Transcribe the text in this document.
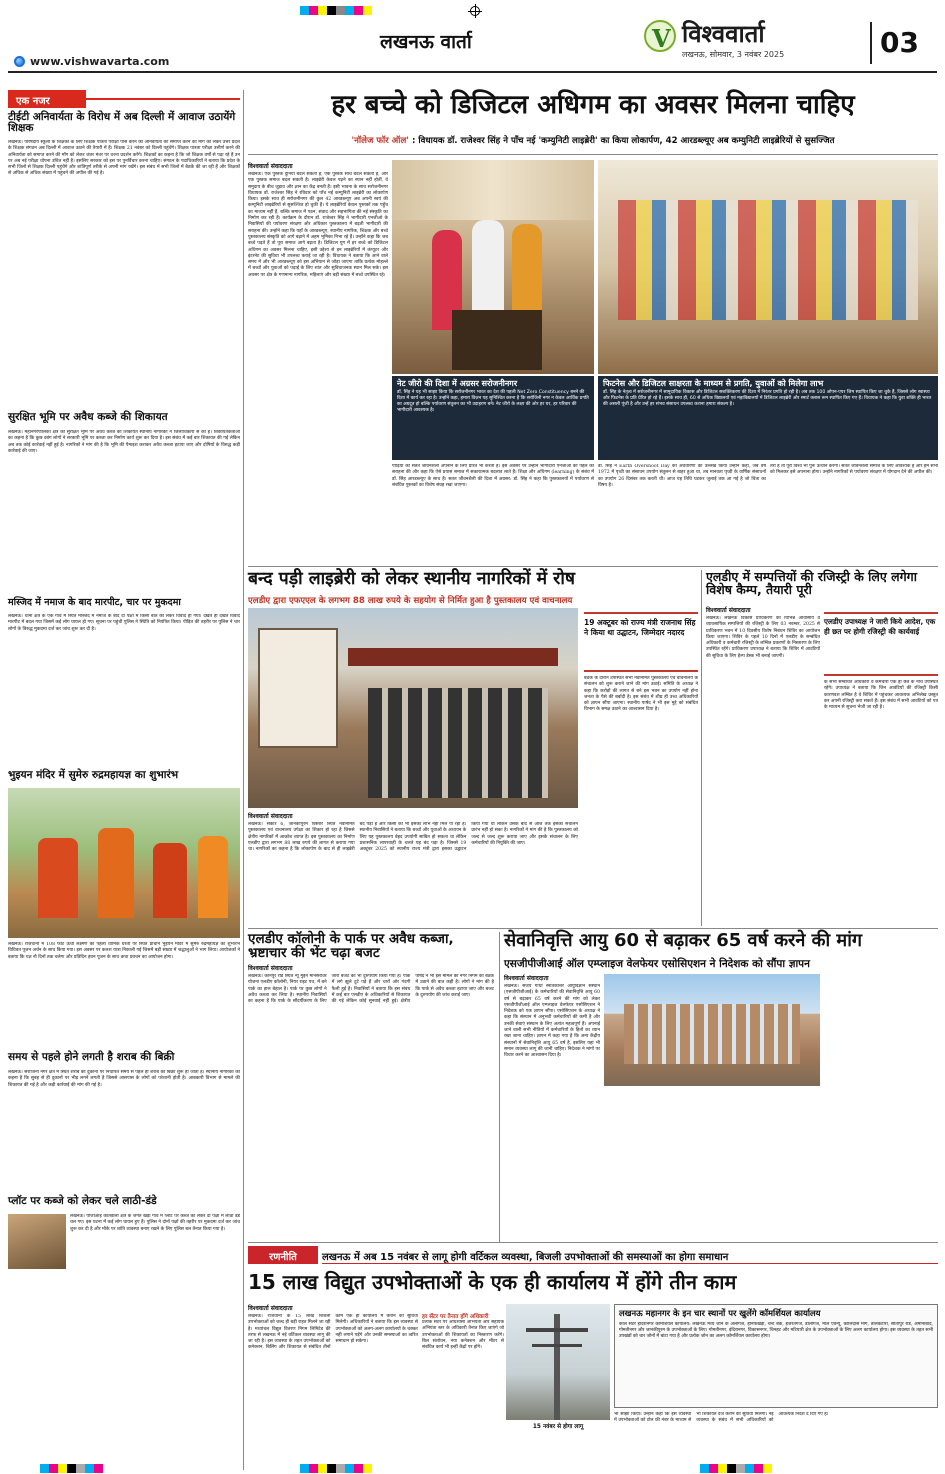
www.vishwavarta.com
लखनऊ वार्ता	V विश्ववार्ता
लखनऊ, सोमवार, 3 नवंबर 2025	03
एक नजर
टीईटी अनिवार्यता के विरोध में अब दिल्ली में आवाज उठायेंगे शिक्षक
लखनऊ। परिषदीय स्कूलों के शिक्षकों के लिए शिक्षक पात्रता परीक्षा पास करने की अनिवार्यता को समाप्त करने की माँग को लेकर उत्तर प्रदेश के शिक्षक संगठन अब दिल्ली में आवाज उठाने की तैयारी में हैं। शिक्षक 21 नवंबर को दिल्ली पहुंचेंगे। शिक्षक पात्रता परीक्षा उत्तीर्ण करने की अनिवार्यता को समाप्त करने की माँग को लेकर जंतर मंतर पर धरना प्रदर्शन करेंगे। शिक्षकों का कहना है कि जो शिक्षक वर्षों से पढ़ा रहे हैं उन पर अब नई परीक्षा थोपना उचित नहीं है। इसलिए सरकार को इस पर पुनर्विचार करना चाहिए। संगठन के पदाधिकारियों ने बताया कि प्रदेश के सभी जिलों से शिक्षक दिल्ली पहुंचेंगे और शांतिपूर्ण तरीके से अपनी मांग रखेंगे। इस संबंध में सभी जिलों में बैठकें की जा रही हैं और शिक्षकों से अधिक से अधिक संख्या में पहुंचने की अपील की गई है।
सुरक्षित भूमि पर अवैध कब्जे की शिकायत
लखनऊ। महानगरपालिका क्षेत्र की सुरक्षित भूमि पर अवैध कब्जे की शिकायत स्थानीय नागरिकों ने जिलाधिकारी से की है। शिकायतकर्ताओं का कहना है कि कुछ दबंग लोगों ने सरकारी भूमि पर कब्जा कर निर्माण कार्य शुरू कर दिया है। इस संबंध में कई बार शिकायत की गई लेकिन अब तक कोई कार्रवाई नहीं हुई है। नागरिकों ने मांग की है कि भूमि की पैमाइश कराकर अवैध कब्जा हटाया जाए और दोषियों के विरुद्ध कड़ी कार्रवाई की जाए।
मस्जिद में नमाज के बाद मारपीट, चार पर मुकदमा
लखनऊ। थाना क्षेत्र के एक गांव में स्थित मस्जिद में नमाज के बाद दो पक्षों में किसी बात को लेकर विवाद हो गया। देखते ही देखते विवाद मारपीट में बदल गया जिसमें कई लोग घायल हो गए। सूचना पर पहुंची पुलिस ने स्थिति को नियंत्रित किया। पीड़ित की तहरीर पर पुलिस ने चार लोगों के विरुद्ध मुकदमा दर्ज कर जांच शुरू कर दी है।
भुइयन मंदिर में सुमेरु रुद्रमहायज्ञ का शुभारंभ
लखनऊ। राजधानी में 108 फीट ऊंची लक्ष्मण की पहली धार्मिक धरती पर स्थित प्राचीन भुइयन मंदिर में सुमेरु रुद्रमहायज्ञ का शुभारंभ विधिवत पूजन अर्चन के साथ किया गया। इस अवसर पर कलश यात्रा निकाली गई जिसमें बड़ी संख्या में श्रद्धालुओं ने भाग लिया। आयोजकों ने बताया कि यज्ञ नौ दिनों तक चलेगा और प्रतिदिन हवन पूजन के साथ कथा प्रवचन का आयोजन होगा।
समय से पहले होने लगती है शराब की बिक्री
लखनऊ। सरोजिनी नगर क्षेत्र में स्थित शराब की दुकानों पर निर्धारित समय से पहले ही शराब की बिक्री शुरू हो जाती है। स्थानीय नागरिकों का कहना है कि सुबह से ही दुकानों पर भीड़ लगने लगती है जिससे आसपास के लोगों को परेशानी होती है। आबकारी विभाग से मामले की शिकायत की गई है और कड़ी कार्रवाई की मांग की गई है।
प्लॉट पर कब्जे को लेकर चले लाठी-डंडे
लखनऊ। पीजीआई कोतवाली क्षेत्र के जगत खेड़ा गांव में प्लॉट पर कब्जे को लेकर दो पक्षों में लाठी डंडे चल गए। इस घटना में कई लोग घायल हुए हैं। पुलिस ने दोनों पक्षों की तहरीर पर मुकदमा दर्ज कर जांच शुरू कर दी है और मौके पर शांति व्यवस्था बनाए रखने के लिए पुलिस बल तैनात किया गया है।
हर बच्चे को डिजिटल अधिगम का अवसर मिलना चाहिए
'नॉलेज फॉर ऑल' : विधायक डॉ. राजेश्वर सिंह ने पाँच नई 'कम्युनिटी लाइब्रेरी' का किया लोकार्पण, 42 आरडब्ल्यूए अब कम्युनिटी लाइब्रेरियों से सुसज्जित
विश्ववार्ता संवाददाता
लखनऊ। एक पुस्तक दुनिया बदल सकती है, एक पुस्तक सोच बदल सकती है, और एक पुस्तक समाज बदल सकती है। लाइब्रेरी केवल पढ़ने का स्थान नहीं होतीं, वे समुदाय के बीच जुड़ाव और ज्ञान का केंद्र बनती हैं। इसी भावना के साथ सरोजनीनगर विधायक डॉ. राजेश्वर सिंह ने रविवार को पाँच नई कम्युनिटी लाइब्रेरी का लोकार्पण किया। इसके साथ ही सरोजनीनगर की कुल 42 आरडब्ल्यूए अब अपनी स्वयं की कम्युनिटी लाइब्रेरियों से सुसज्जित हो चुकी हैं। ये लाइब्रेरियाँ केवल पुस्तकों तक पहुँच का माध्यम नहीं हैं, बल्कि समाज में पठन, संवाद और सहभागिता की नई संस्कृति का निर्माण कर रही हैं। कार्यक्रम के दौरान डॉ. राजेश्वर सिंह ने भागीदारी एनजीओ के निवासियों की पर्यावरण संरक्षण और अधिकार पुस्तकालय में बढ़ती भागीदारी की सराहना की। उन्होंने कहा कि यहाँ के आरडब्ल्यूए, स्थानीय नागरिक, शिक्षक और बच्चे पुस्तकालय संस्कृति को आगे बढ़ाने में अहम भूमिका निभा रहे हैं। उन्होंने कहा कि जब बच्चे पढ़ते हैं तो पूरा समाज आगे बढ़ता है। डिजिटल युग में हर बच्चे को डिजिटल अधिगम का अवसर मिलना चाहिए, इसी उद्देश्य से इन लाइब्रेरियों में कंप्यूटर और इंटरनेट की सुविधा भी उपलब्ध कराई जा रही है। विधायक ने बताया कि आने वाले समय में और भी आरडब्ल्यूए को इस अभियान से जोड़ा जाएगा ताकि प्रत्येक मोहल्ले में बच्चों और युवाओं को पढ़ाई के लिए शांत और सुविधाजनक स्थान मिल सके। इस अवसर पर क्षेत्र के गणमान्य नागरिक, महिलाएं और बड़ी संख्या में बच्चे उपस्थित रहे।
नेट जीरो की दिशा में अग्रसर सरोजनीनगर
डॉ. सिंह ने यह भी साझा किया कि सरोजनीनगर भारत का देश की पहली Net Zero Constituency बनने की दिशा में कार्य कर रहा है। उन्होंने कहा, हमारा विज़न यह सुनिश्चित करना है कि सरोजिनी नगर न केवल आर्थिक प्रगति का अग्रदूत हो बल्कि पर्यावरण संतुलन का भी उदाहरण बने। नेट जीरो के लक्ष्य की ओर हर घर, हर परिवार की भागीदारी आवश्यक है।
फिटनेस और डिजिटल साक्षरता के माध्यम से प्रगति, युवाओं को मिलेगा लाभ
डॉ. सिंह के नेतृत्व में सरोजनीनगर में सामुदायिक विकास और डिजिटल सशक्तिकरण की दिशा में निरंतर प्रगति हो रही है। अब तक 100 ओपन-एयर जिम स्थापित किए जा चुके हैं, जिससे लोग स्वास्थ्य और फिटनेस के प्रति प्रेरित हो रहे हैं। इसके साथ ही, 60 से अधिक विद्यालयों एवं महाविद्यालयों में डिजिटल लाइब्रेरी और स्मार्ट क्लास रूम स्थापित किए गए हैं। विधायक ने कहा कि युवा शक्ति ही भारत की असली पूंजी है और उन्हें हर संभव संसाधन उपलब्ध कराना हमारा संकल्प है।
पीढ़ियों को सतत जीवनशैली अपनाने के लिए प्रेरित भी करती है। इस अवसर पर उन्होंने भागीदारी एनजीओ की पहल की सराहना की और कहा कि ऐसे प्रयास समाज में सकारात्मक बदलाव लाते हैं। शिक्षा और अधिगम (learning) के संबंध में डॉ. सिंह आरडब्ल्यूए के साथ हैं। सतत जीवनशैली की दिशा में अग्रसर: डॉ. सिंह ने कहा कि पुस्तकालयों में पर्यावरण से संबंधित पुस्तकों का विशेष संग्रह रखा जाएगा।
डॉ. सिंह ने Earth Overshoot Day की अवधारणा का उल्लेख किया उन्होंने कहा, जब वर्ष 1972 में पृथ्वी का संसाधन उपयोग संतुलन से बाहर हुआ था, तब मानवता पृथ्वी के वार्षिक संसाधनों का उपयोग 26 दिसंबर तक करती थी। आज यह तिथि घटकर जुलाई तक आ गई है जो चिंता का विषय है।
तेरी है तो पूरा विश्व भी पुनः उत्थान करेगा। सतत जीवनशैली समाज के लिए आवश्यक है और हम सभी को मिलकर इसे अपनाना होगा। उन्होंने नागरिकों से पर्यावरण संरक्षण में योगदान देने की अपील की।
बन्द पड़ी लाइब्रेरी को लेकर स्थानीय नागरिकों में रोष
एलडीए द्वारा एफएएल के लगभग 88 लाख रुपये के सहयोग से निर्मित हुआ है पुस्तकालय एवं वाचनालय
19 अक्टूबर को राज्य मंत्री राजनाथ सिंह ने किया था उद्घाटन, जिम्मेदार नदारद
बैठक के दौरान उपस्थित सभी नवनिर्मित पुस्तकालय एवं वाचनालय के संचालन को शुरू कराने जाने की मांग उठाई। समिति के अध्यक्ष ने कहा कि करोड़ों की लागत से बने इस भवन का उपयोग नहीं होना जनता के पैसे की बर्बादी है। इस संबंध में शीघ्र ही उच्च अधिकारियों को ज्ञापन सौंपा जाएगा। स्थानीय पार्षद ने भी इस मुद्दे को संबंधित विभाग के समक्ष उठाने का आश्वासन दिया है।
विश्ववार्ता संवाददाता
लखनऊ। सेक्टर 6, जानकीपुरम विस्तार स्थित नवनिर्मित पुस्तकालय एवं वाचनालय उपेक्षा का शिकार हो रहा है जिससे क्षेत्रीय नागरिकों में आक्रोश व्याप्त है। इस पुस्तकालय का निर्माण एलडीए द्वारा लगभग 88 लाख रुपये की लागत से कराया गया था। नागरिकों का कहना है कि लोकार्पण के बाद से ही लाइब्रेरी बंद पड़ी है और किसी को भी इसका लाभ नहीं मिल पा रहा है। स्थानीय निवासियों ने बताया कि बच्चों और युवाओं के अध्ययन के लिए यह पुस्तकालय बेहद उपयोगी साबित हो सकता था लेकिन प्रशासनिक लापरवाही के चलते यह बंद पड़ा है। जिससे 19 अक्टूबर 2025 को स्थानीय राज्य मंत्री द्वारा इसका उद्घाटन किया गया था लेकिन उसके बाद से आज तक इसका संचालन प्रारंभ नहीं हो सका है। नागरिकों ने मांग की है कि पुस्तकालय को जल्द से जल्द शुरू कराया जाए और इसके संचालन के लिए कर्मचारियों की नियुक्ति की जाए।
एलडीए में सम्पत्तियों की रजिस्ट्री के लिए लगेगा विशेष कैम्प, तैयारी पूरी
विश्ववार्ता संवाददाता
लखनऊ। लखनऊ विकास प्राधिकरण की विभिन्न आवासीय व व्यावसायिक सम्पत्तियों की रजिस्ट्री के लिए 03 नवम्बर, 2025 से प्राधिकरण भवन में 10 दिवसीय विशेष निबंधन शिविर का आयोजन किया जाएगा। शिविर के पहले 10 दिनों में एलडीए के सम्बंधित अधिकारी व कर्मचारी रजिस्ट्री के लम्बित प्रकरणों के निस्तारण के लिए उपस्थित रहेंगे। प्राधिकरण उपाध्यक्ष ने बताया कि शिविर में आवंटियों की सुविधा के लिए हेल्प डेस्क भी बनाई जाएगी।
एलडीए उपाध्यक्ष ने जारी किये आदेश, एक ही छत पर होगी रजिस्ट्री की कार्यवाई
के सभी सम्बंधित अधिकारी व कर्मचारी एक ही छत के नीचे उपस्थित रहेंगे। उपाध्यक्ष ने बताया कि जिन आवंटियों की रजिस्ट्री किसी कारणवश लम्बित है वे शिविर में पहुंचकर आवश्यक अभिलेख प्रस्तुत कर अपनी रजिस्ट्री करा सकते हैं। इस संबंध में सभी आवंटियों को पत्र के माध्यम से सूचना भेजी जा रही है।
एलडीए कॉलोनी के पार्क पर अवैध कब्जा, भ्रष्टाचार की भेंट चढ़ा बजट
विश्ववार्ता संवाददाता
लखनऊ। कानपुर रोड स्थित न्यू मुईन मानसरोवर योजना एलडीए कॉलोनी, नियर राइट पथ, में बने पार्क का हाल बेहाल है। पार्क पर कुछ लोगों ने अवैध कब्जा कर लिया है। स्थानीय निवासियों का कहना है कि पार्क के सौंदर्यीकरण के लिए जारी बजट का भी दुरुपयोग किया गया है। पार्क में लगे झूले टूटे पड़े हैं और चारों ओर गंदगी फैली हुई है। निवासियों ने बताया कि इस संबंध में कई बार एलडीए के अधिकारियों से शिकायत की गई लेकिन कोई सुनवाई नहीं हुई। क्षेत्रीय पार्षद ने भी इस मामले को नगर निगम की बैठक में उठाने की बात कही है। लोगों ने मांग की है कि पार्क से अवैध कब्जा हटाया जाए और बजट के दुरुपयोग की जांच कराई जाए।
सेवानिवृत्ति आयु 60 से बढ़ाकर 65 वर्ष करने की मांग
एसजीपीजीआई ऑल एम्प्लाइज वेलफेयर एसोसिएशन ने निदेशक को सौंपा ज्ञापन
विश्ववार्ता संवाददाता
लखनऊ। संजय गांधी स्नातकोत्तर आयुर्विज्ञान संस्थान (एसजीपीजीआई) के कर्मचारियों की सेवानिवृत्ति आयु 60 वर्ष से बढ़ाकर 65 वर्ष करने की मांग को लेकर एसजीपीजीआई ऑल एम्प्लाइज वेलफेयर एसोसिएशन ने निदेशक को एक ज्ञापन सौंपा। एसोसिएशन के अध्यक्ष ने कहा कि संस्थान में अनुभवी कर्मचारियों की कमी है और उनकी सेवाएं संस्थान के लिए अत्यंत महत्वपूर्ण हैं। अपनाई जाने वाली सभी नीतियों में कर्मचारियों के हितों का ध्यान रखा जाना चाहिए। ज्ञापन में कहा गया है कि अन्य केंद्रीय संस्थानों में सेवानिवृत्ति आयु 65 वर्ष है, इसलिए यहां भी समान व्यवस्था लागू की जानी चाहिए। निदेशक ने मांगों पर विचार करने का आश्वासन दिया है।
रणनीति	लखनऊ में अब 15 नवंबर से लागू होगी वर्टिकल व्यवस्था, बिजली उपभोक्ताओं की समस्याओं का होगा समाधान
15 लाख विद्युत उपभोक्ताओं के एक ही कार्यालय में होंगे तीन काम
विश्ववार्ता संवाददाता
लखनऊ। राजधानी के 15 लाख बिजली उपभोक्ताओं को जल्द ही बड़ी राहत मिलने जा रही है। मध्यांचल विद्युत वितरण निगम लिमिटेड की तरफ से लखनऊ में नई वर्टिकल व्यवस्था लागू की जा रही है। इस व्यवस्था के तहत उपभोक्ताओं को कनेक्शन, बिलिंग और शिकायत से संबंधित तीनों काम एक ही कार्यालय में कराने की सुविधा मिलेगी। अधिकारियों ने बताया कि इस व्यवस्था से उपभोक्ताओं को अलग-अलग कार्यालयों के चक्कर नहीं लगाने पड़ेंगे और उनकी समस्याओं का त्वरित समाधान हो सकेगा।
हर सेंटर पर तैनात होंगे अधिकारी
प्रत्येक सेंटर पर अधिशासी अभियंता और सहायक अभियंता स्तर के अधिकारी तैनात किए जाएंगे जो उपभोक्ताओं की शिकायतों का निस्तारण करेंगे। बिल संशोधन, नया कनेक्शन और मीटर से संबंधित कार्य भी इन्हीं केंद्रों पर होंगे।
15 नवंबर से होगा लागू
लखनऊ महानगर के इन चार स्थानों पर खुलेंगे कॉमर्शियल कार्यालय
कॉल सेंटर इंदिरानगर कॉमर्शियल कार्यालय: लखनऊ मध्य जोन के अलीगंज, हनिफखेड़ा, चैन्ट बैंक, हजरतगंज, डालीगंज, माल एवेन्यू, कालिदास मार्ग, तालकटोरा, सीतापुर रोड, अमीनाबाद, गोमतीनगर और जानकीपुरम के उपभोक्ताओं के लिए। गोमतीनगर, इंदिरानगर, विकासनगर, चिनहट और मटियारी क्षेत्र के उपभोक्ताओं के लिए अलग कार्यालय होगा। इस व्यवस्था के तहत सभी उपखंडों को चार जोनों में बांटा गया है और प्रत्येक जोन का अलग कॉमर्शियल कार्यालय होगा।
भी साझा किया। उन्होंने कहा कि इस व्यवस्था में उपभोक्ताओं को टोल फ्री नंबर के माध्यम से भी शिकायत दर्ज कराने की सुविधा मिलेगी। नई व्यवस्था के संबंध में सभी अधिकारियों को आवश्यक निर्देश दे दिए गए हैं।
